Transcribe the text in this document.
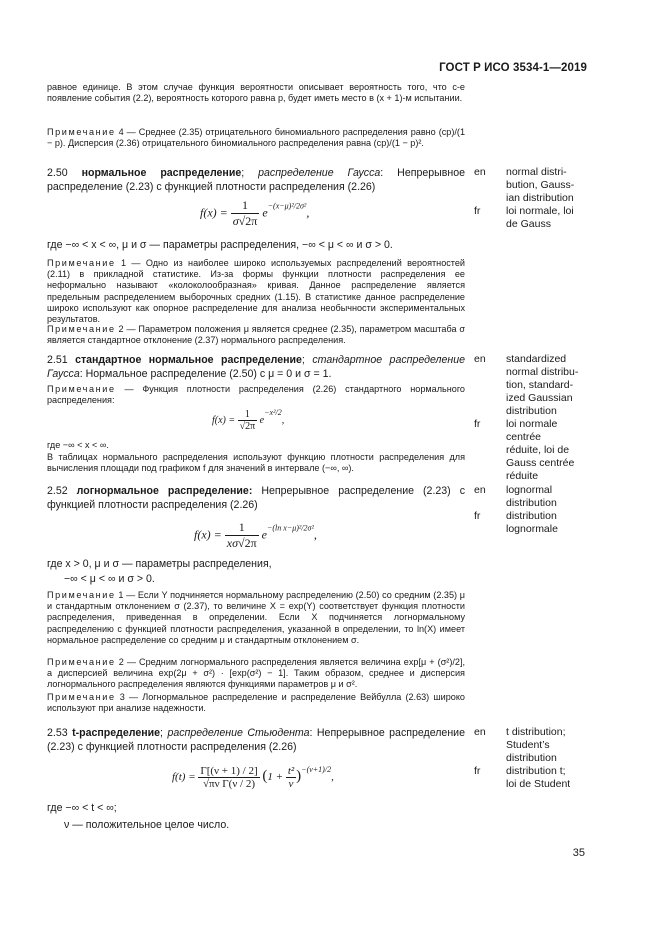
ГОСТ Р ИСО 3534-1—2019
равное единице. В этом случае функция вероятности описывает вероятность того, что c-е появление события (2.2), вероятность которого равна p, будет иметь место в (x + 1)-м испытании.
Примечание 4 — Среднее (2.35) отрицательного биномиального распределения равно (cp)/(1 − p). Дисперсия (2.36) отрицательного биномиального распределения равна (cp)/(1 − p)².
2.50 нормальное распределение; распределение Гаусса: Непрерывное распределение (2.23) с функцией плотности распределения (2.26)
$f(x) = \frac{1}{\sigma√2\pi} e^{-(x-\mu)^2/2\sigma^2}$,
где −∞ < x < ∞, μ и σ — параметры распределения, −∞ < μ < ∞ и σ > 0.
Примечание 1 — Одно из наиболее широко используемых распределений вероятностей (2.11) в прикладной статистике. Из-за формы функции плотности распределения ее неформально называют «колоколообразная» кривая. Данное распределение является предельным распределением выборочных средних (1.15). В статистике данное распределение широко используют как опорное распределение для анализа необычности экспериментальных результатов.
Примечание 2 — Параметром положения μ является среднее (2.35), параметром масштаба σ является стандартное отклонение (2.37) нормального распределения.
2.51 стандартное нормальное распределение; стандартное распределение Гаусса: Нормальное распределение (2.50) с μ = 0 и σ = 1.
Примечание — Функция плотности распределения (2.26) стандартного нормального распределения:
$f(x) = \frac{1}{√2\pi} e^{-x^2/2}$,
где −∞ < x < ∞.
В таблицах нормального распределения используют функцию плотности распределения для вычисления площади под графиком f для значений в интервале (−∞, ∞).
2.52 логнормальное распределение: Непрерывное распределение (2.23) с функцией плотности распределения (2.26)
$f(x) = \frac{1}{x\sigma√2\pi} e^{-(ln x-\mu)^2/2\sigma^2}$,
где x > 0, μ и σ — параметры распределения,
−∞ < μ < ∞ и σ > 0.
Примечание 1 — Если Y подчиняется нормальному распределению (2.50) со средним (2.35) μ и стандартным отклонением σ (2.37), то величине X = exp(Y) соответствует функция плотности распределения, приведенная в определении. Если X подчиняется логнормальному распределению с функцией плотности распределения, указанной в определении, то ln(X) имеет нормальное распределение со средним μ и стандартным отклонением σ.
Примечание 2 — Средним логнормального распределения является величина exp[μ + (σ²)/2], а дисперсией величина exp(2μ + σ²) · [exp(σ²) − 1]. Таким образом, среднее и дисперсия логнормального распределения являются функциями параметров μ и σ².
Примечание 3 — Логнормальное распределение и распределение Вейбулла (2.63) широко используют при анализе надежности.
2.53 t-распределение; распределение Стьюдента: Непрерывное распределение (2.23) с функцией плотности распределения (2.26)
$f(t) = \frac{\Gamma[(\nu + 1) / 2]}{\text{√πν Γ(ν / 2)}} (1 + \frac{\text{t²}}{\nu} )^{-(\nu+1)/2}$,
где −∞ < t < ∞;
ν — положительное целое число.
en	normal distri-
bution, Gauss-
ian distribution
fr	loi normale, loi
de Gauss
en	standardized
normal distribu-
tion, standard-
ized Gaussian
distribution
fr	loi normale
centrée
réduite, loi de
Gauss centrée
réduite
en	lognormal
distribution
fr	distribution
lognormale
en	t distribution;
Student’s
distribution
fr	distribution t;
loi de Student
35
